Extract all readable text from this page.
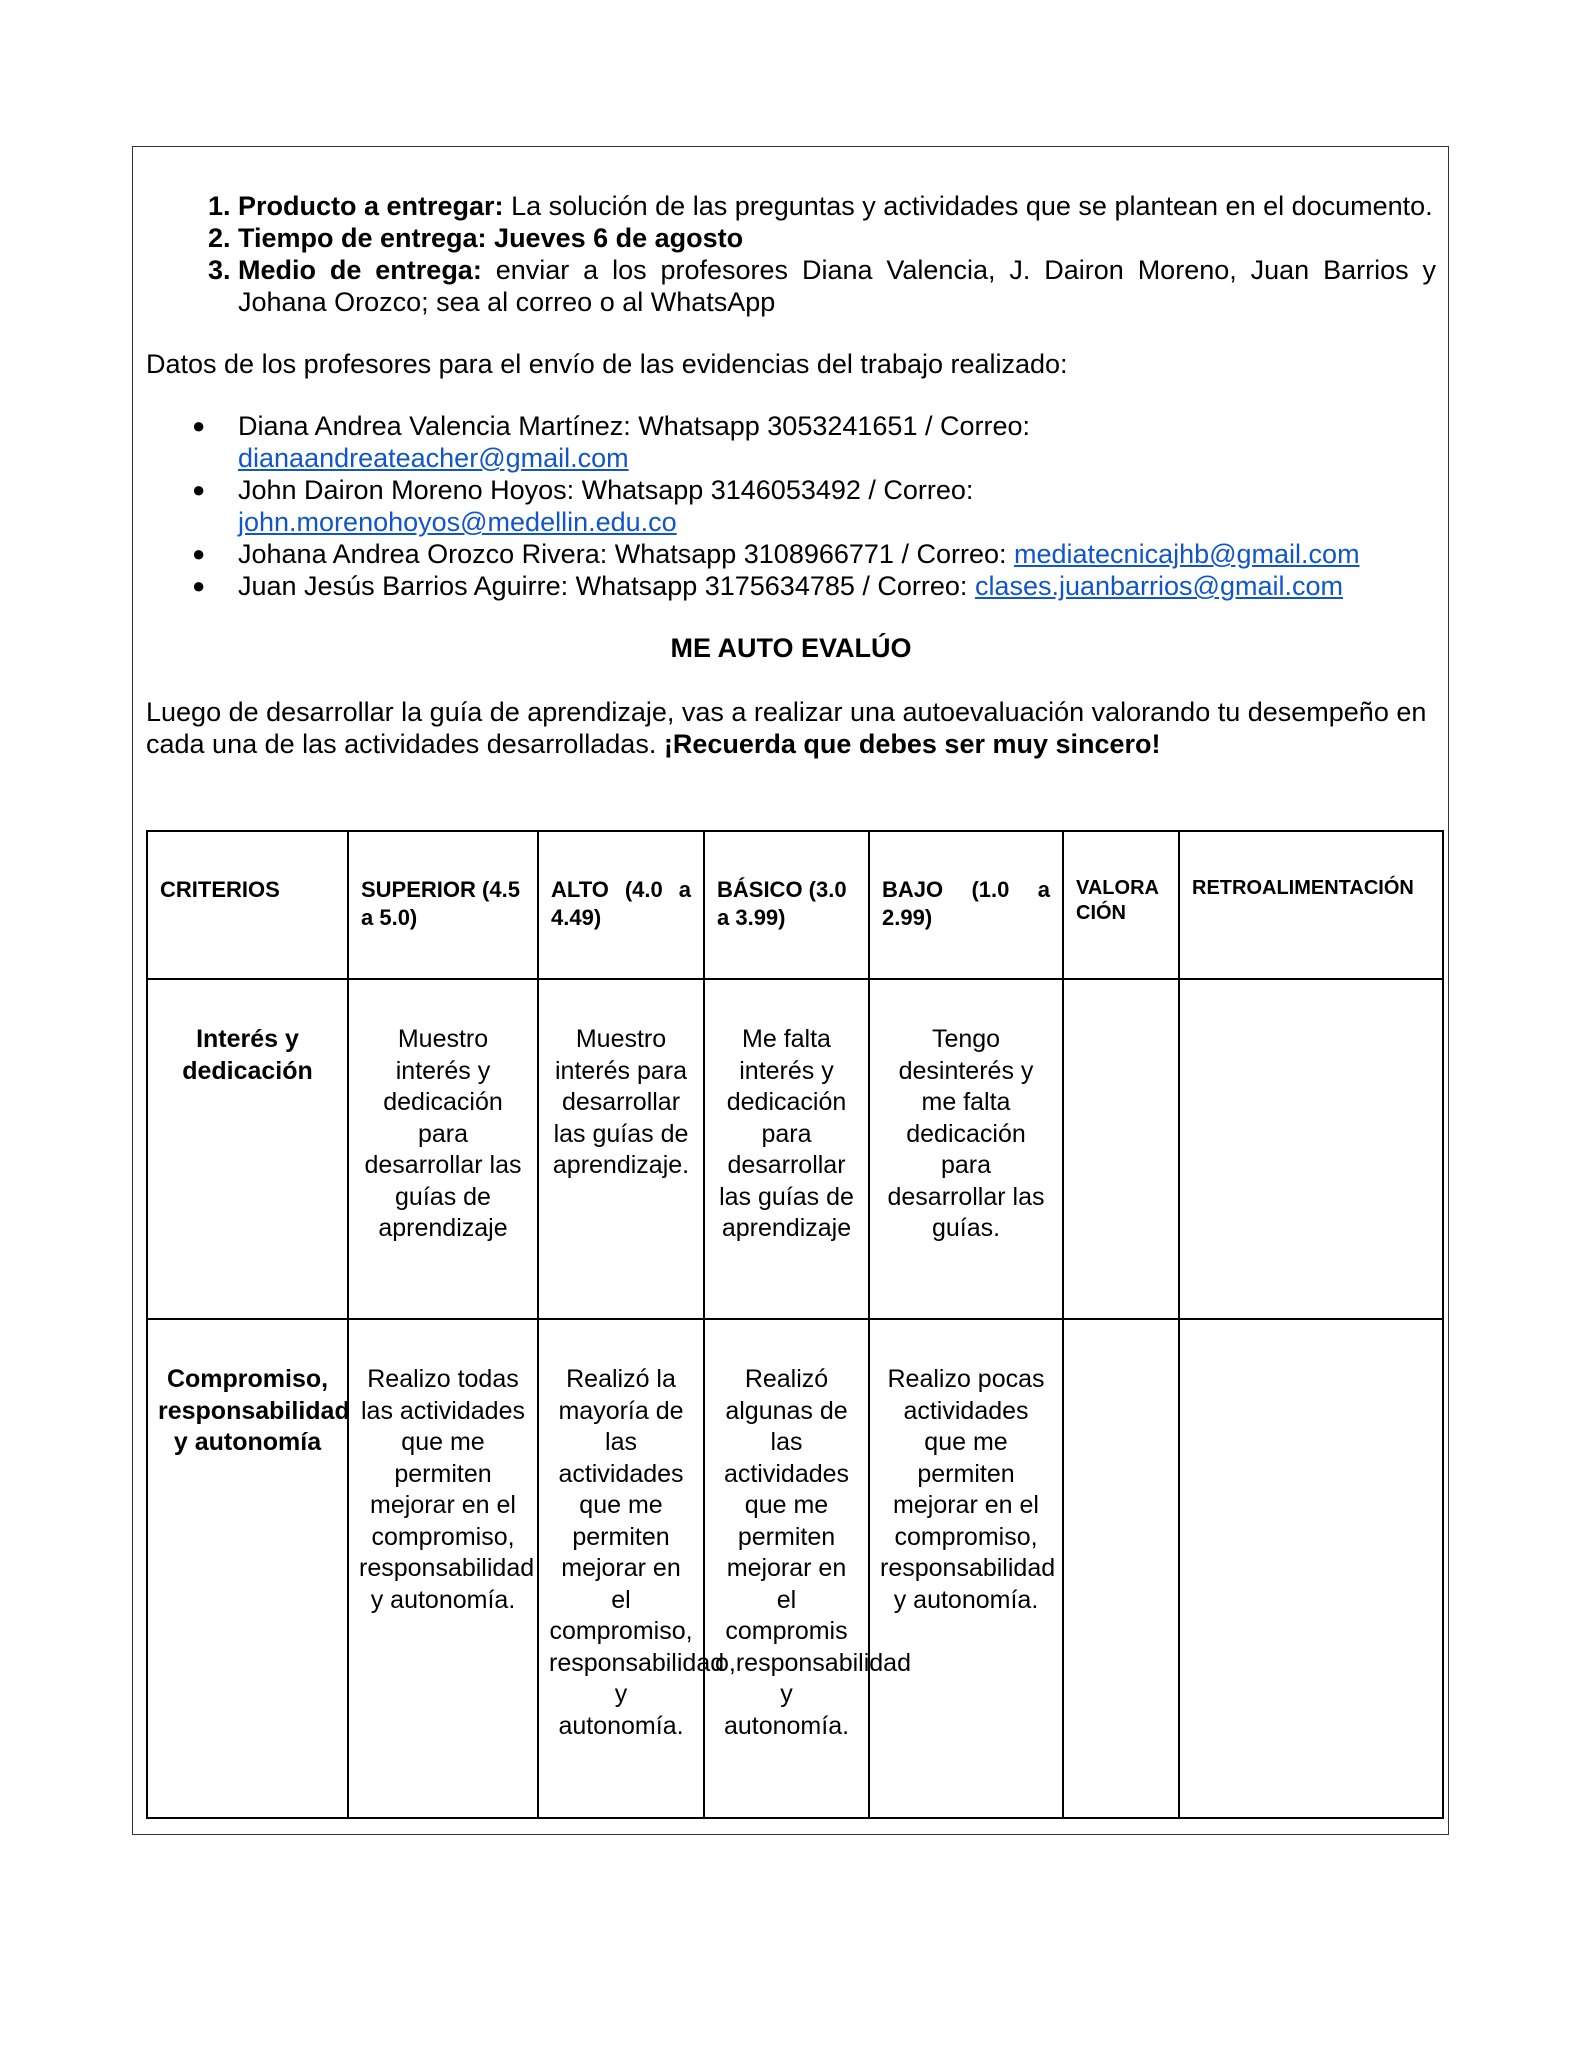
1. Producto a entregar: La solución de las preguntas y actividades que se plantean en el documento.
2. Tiempo de entrega: Jueves 6 de agosto
3. Medio de entrega: enviar a los profesores Diana Valencia, J. Dairon Moreno, Juan Barrios y Johana Orozco; sea al correo o al WhatsApp

Datos de los profesores para el envío de las evidencias del trabajo realizado:

● Diana Andrea Valencia Martínez: Whatsapp 3053241651 / Correo:
dianaandreateacher@gmail.com
● John Dairon Moreno Hoyos: Whatsapp 3146053492 / Correo:
john.morenohoyos@medellin.edu.co
● Johana Andrea Orozco Rivera: Whatsapp 3108966771 / Correo: mediatecnicajhb@gmail.com
● Juan Jesús Barrios Aguirre: Whatsapp 3175634785 / Correo: clases.juanbarrios@gmail.com

ME AUTO EVALÚO

Luego de desarrollar la guía de aprendizaje, vas a realizar una autoevaluación valorando tu desempeño en cada una de las actividades desarrolladas. ¡Recuerda que debes ser muy sincero!

CRITERIOS	SUPERIOR (4.5 a 5.0)	ALTO (4.0 a 4.49)	BÁSICO (3.0 a 3.99)	BAJO (1.0 a 2.99)	VALORA CIÓN	RETROALIMENTACIÓN
Interés y dedicación	Muestro interés y dedicación para desarrollar las guías de aprendizaje	Muestro interés para desarrollar las guías de aprendizaje.	Me falta interés y dedicación para desarrollar las guías de aprendizaje	Tengo desinterés y me falta dedicación para desarrollar las guías.		
Compromiso, responsabilidad y autonomía	Realizo todas las actividades que me permiten mejorar en el compromiso, responsabilidad y autonomía.	Realizó la mayoría de las actividades que me permiten mejorar en el compromiso, responsabilidad y autonomía.	Realizó algunas de las actividades que me permiten mejorar en el compromis o,responsabilidad y autonomía.	Realizo pocas actividades que me permiten mejorar en el compromiso, responsabilidad y autonomía.		
